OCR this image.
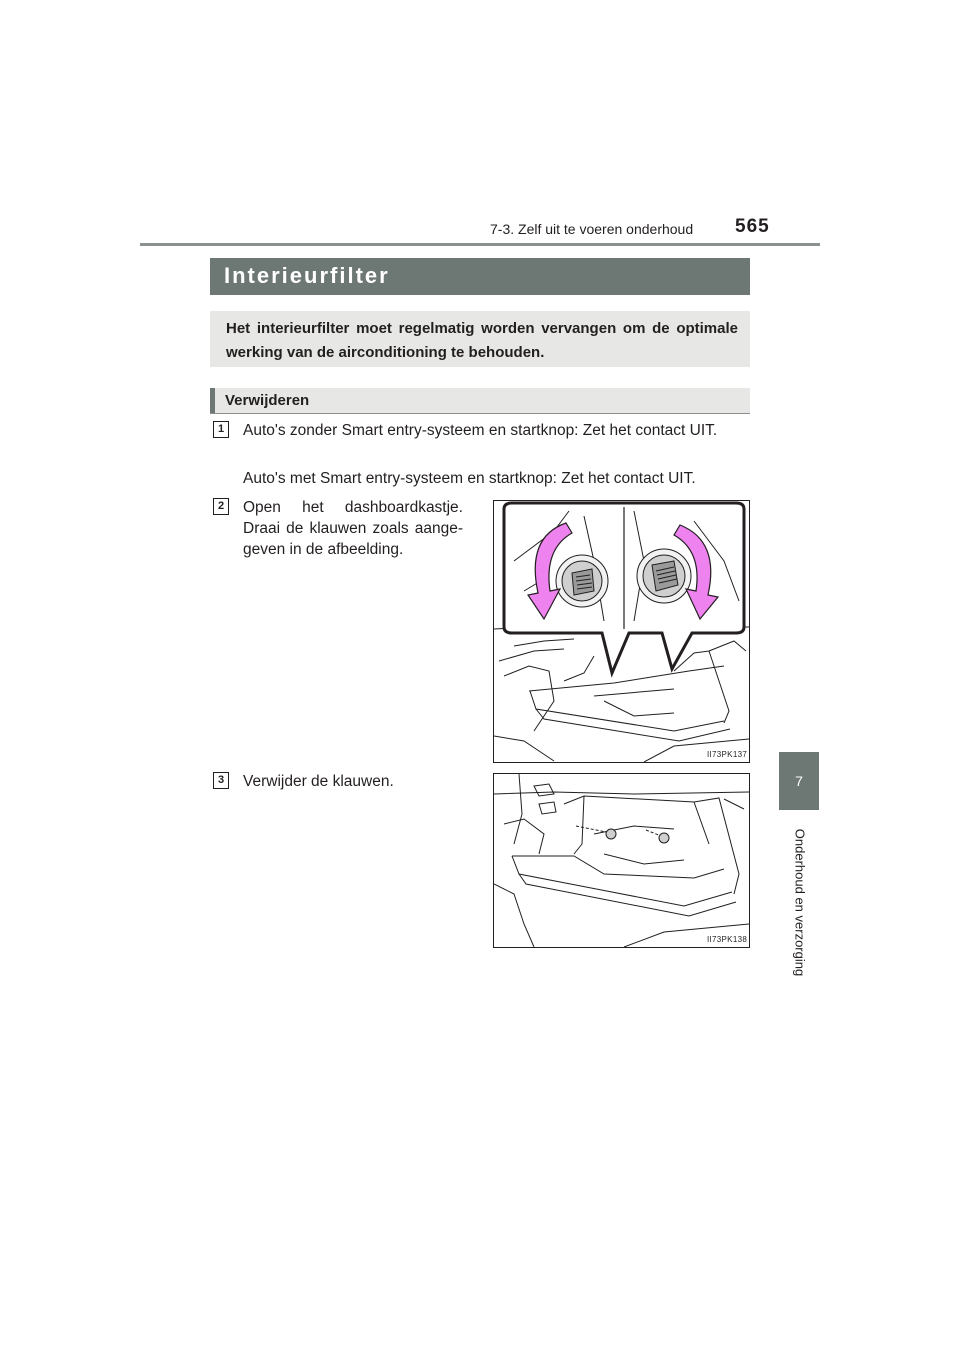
7-3. Zelf uit te voeren onderhoud 565
7
Onderhoud en verzorging
Interieurfilter

Het interieurfilter moet regelmatig worden vervangen om de optimale werking van de airconditioning te behouden.

Verwijderen
1	Auto's zonder Smart entry-systeem en startknop: Zet het contact UIT.
Auto's met Smart entry-systeem en startknop: Zet het contact UIT.
2	Open het dashboardkastje. Draai de klauwen zoals aange-geven in de afbeelding.
II73PK137
3	Verwijder de klauwen.
II73PK138
